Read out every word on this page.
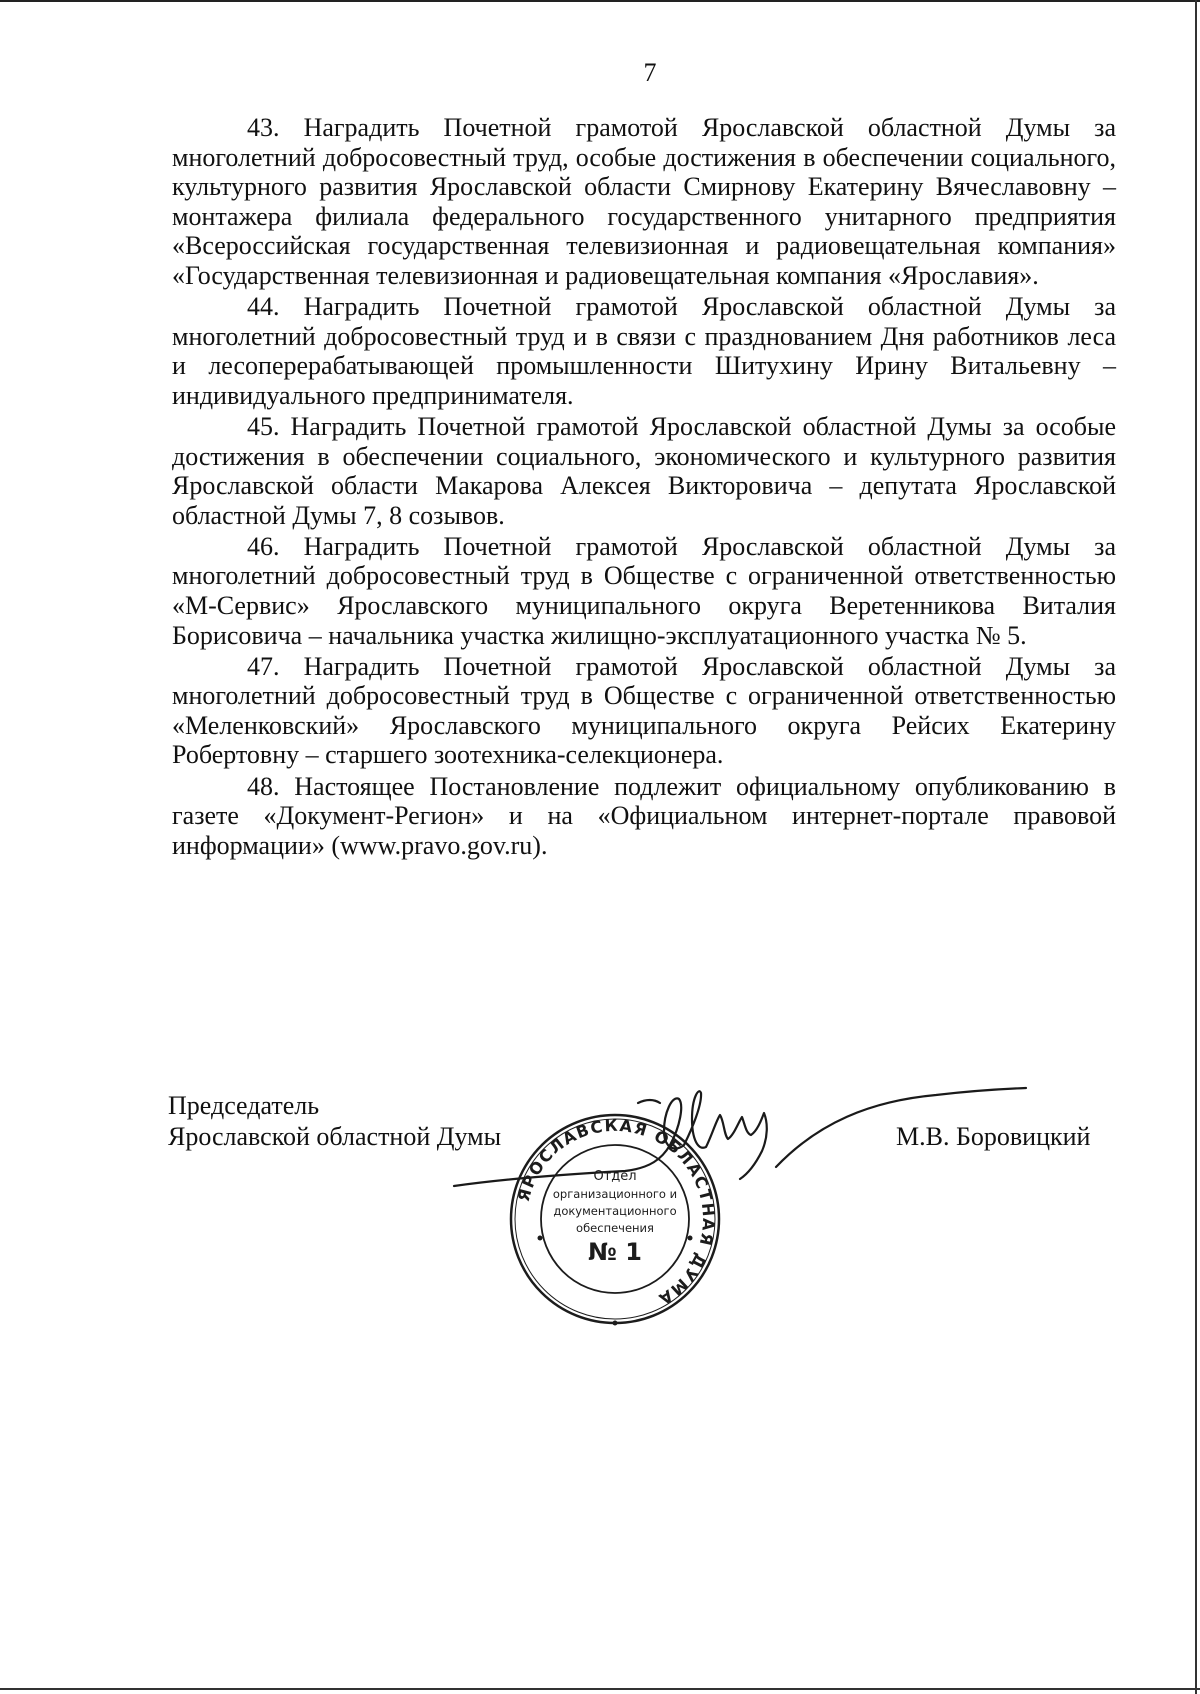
7

43. Наградить Почетной грамотой Ярославской областной Думы за многолетний добросовестный труд, особые достижения в обеспечении социального, культурного развития Ярославской области Смирнову Екатерину Вячеславовну – монтажера филиала федерального государственного унитарного предприятия «Всероссийская государственная телевизионная и радиовещательная компания» «Государственная телевизионная и радиовещательная компания «Ярославия».

44. Наградить Почетной грамотой Ярославской областной Думы за многолетний добросовестный труд и в связи с празднованием Дня работников леса и лесоперерабатывающей промышленности Шитухину Ирину Витальевну – индивидуального предпринимателя.

45. Наградить Почетной грамотой Ярославской областной Думы за особые достижения в обеспечении социального, экономического и культурного развития Ярославской области Макарова Алексея Викторовича – депутата Ярославской областной Думы 7, 8 созывов.

46. Наградить Почетной грамотой Ярославской областной Думы за многолетний добросовестный труд в Обществе с ограниченной ответственностью «М-Сервис» Ярославского муниципального округа Веретенникова Виталия Борисовича – начальника участка жилищно-эксплуатационного участка № 5.

47. Наградить Почетной грамотой Ярославской областной Думы за многолетний добросовестный труд в Обществе с ограниченной ответственностью «Меленковский» Ярославского муниципального округа Рейсих Екатерину Робертовну – старшего зоотехника-селекционера.

48. Настоящее Постановление подлежит официальному опубликованию в газете «Документ-Регион» и на «Официальном интернет-портале правовой информации» (www.pravo.gov.ru).

Председатель
Ярославской областной Думы
ЯРОСЛАВСКАЯ ОБЛАСТНАЯ ДУМА
Отдел
организационного и
документационного
обеспечения
№ 1
М.В. Боровицкий
